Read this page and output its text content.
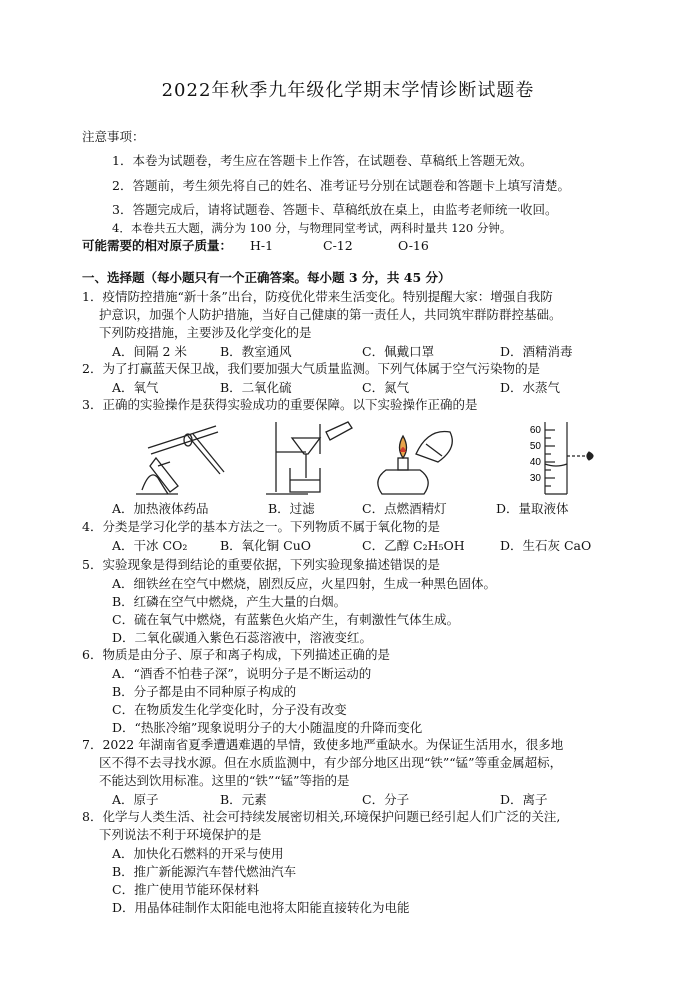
2022年秋季九年级化学期末学情诊断试题卷
注意事项：
1．本卷为试题卷，考生应在答题卡上作答，在试题卷、草稿纸上答题无效。
2．答题前，考生须先将自己的姓名、准考证号分别在试题卷和答题卡上填写清楚。
3．答题完成后，请将试题卷、答题卡、草稿纸放在桌上，由监考老师统一收回。
4．本卷共五大题，满分为 100 分，与物理同堂考试，两科时量共 120 分钟。
可能需要的相对原子质量： H-1	C-12	O-16
一、选择题（每小题只有一个正确答案。每小题 3 分，共 45 分）
1．疫情防控措施“新十条”出台，防疫优化带来生活变化。特别提醒大家：增强自我防
护意识，加强个人防护措施，当好自己健康的第一责任人，共同筑牢群防群控基础。
下列防疫措施，主要涉及化学变化的是
A．间隔 2 米	B．教室通风	C．佩戴口罩	D．酒精消毒
2．为了打赢蓝天保卫战，我们要加强大气质量监测。下列气体属于空气污染物的是
A．氧气	B．二氧化硫	C．氮气	D．水蒸气
3．正确的实验操作是获得实验成功的重要保障。以下实验操作正确的是
60
50
40
30
A．加热液体药品	B．过滤	C．点燃酒精灯	D．量取液体
4．分类是学习化学的基本方法之一。下列物质不属于氧化物的是
A．干冰 CO₂	B．氧化铜 CuO	C．乙醇 C₂H₅OH	D．生石灰 CaO
5．实验现象是得到结论的重要依据，下列实验现象描述错误的是
A．细铁丝在空气中燃烧，剧烈反应，火星四射，生成一种黑色固体。
B．红磷在空气中燃烧，产生大量的白烟。
C．硫在氧气中燃烧，有蓝紫色火焰产生，有刺激性气体生成。
D．二氧化碳通入紫色石蕊溶液中，溶液变红。
6．物质是由分子、原子和离子构成，下列描述正确的是
A．“酒香不怕巷子深”，说明分子是不断运动的
B．分子都是由不同种原子构成的
C．在物质发生化学变化时，分子没有改变
D．“热胀冷缩”现象说明分子的大小随温度的升降而变化
7．2022 年湖南省夏季遭遇难遇的旱情，致使多地严重缺水。为保证生活用水，很多地
区不得不去寻找水源。但在水质监测中，有少部分地区出现“铁”“锰”等重金属超标，
不能达到饮用标准。这里的“铁”“锰”等指的是
A．原子	B．元素	C．分子	D．离子
8．化学与人类生活、社会可持续发展密切相关,环境保护问题已经引起人们广泛的关注,
下列说法不利于环境保护的是
A．加快化石燃料的开采与使用
B．推广新能源汽车替代燃油汽车
C．推广使用节能环保材料
D．用晶体硅制作太阳能电池将太阳能直接转化为电能
